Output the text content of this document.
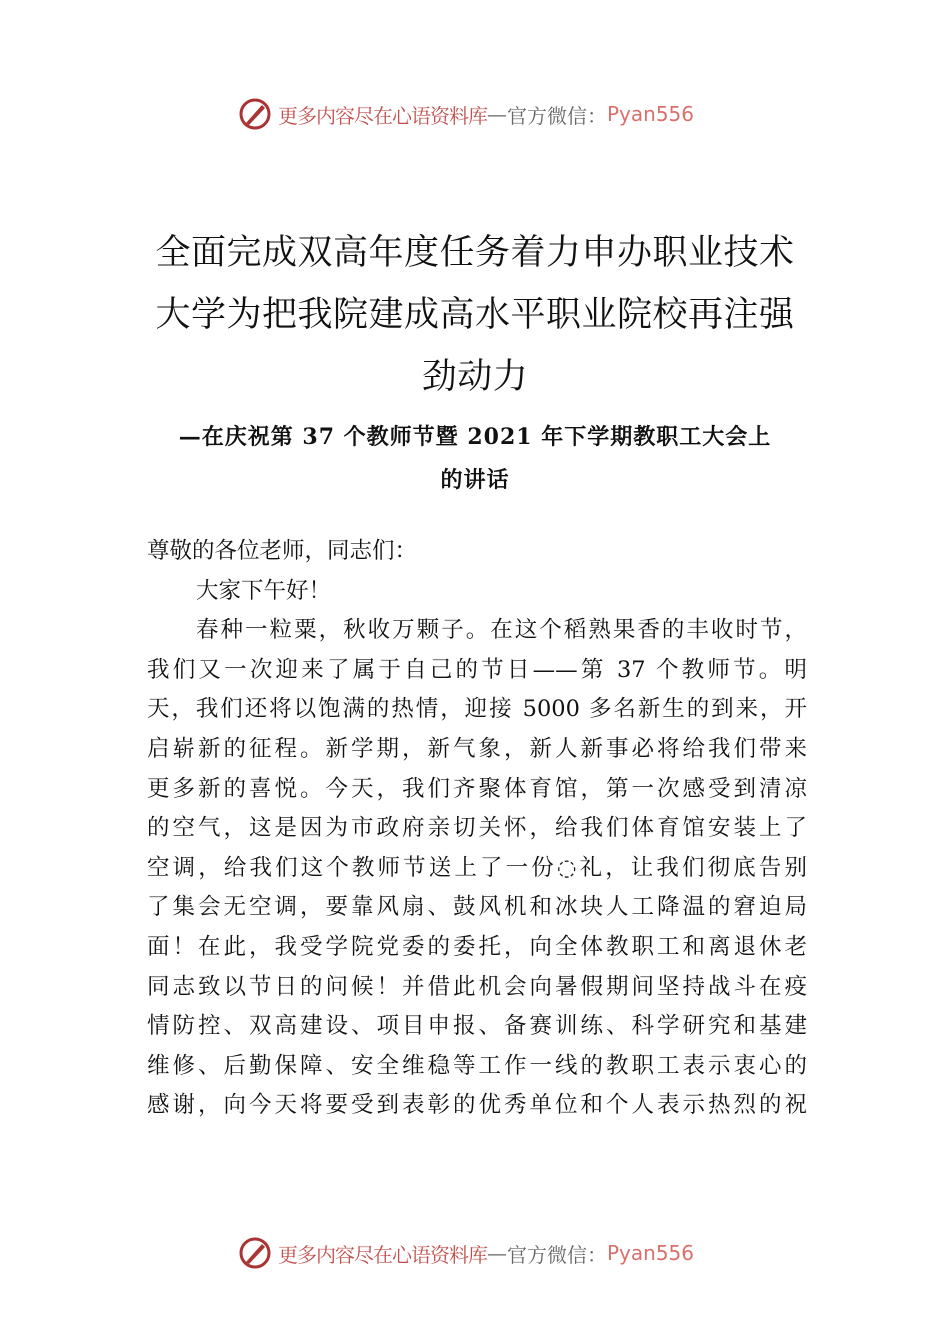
更多内容尽在心语资料库 — 官方微信： Pyan556
全面完成双高年度任务着力申办职业技术
大学为把我院建成高水平职业院校再注强
劲动力
—在庆祝第 37 个教师节暨 2021 年下学期教职工大会上
的讲话
尊敬的各位老师，同志们：
大家下午好！
春种一粒粟，秋收万颗子。在这个稻熟果香的丰收时节，
我们又一次迎来了属于自己的节日——第 37 个教师节。明
天，我们还将以饱满的热情，迎接 5000 多名新生的到来，开
启崭新的征程。新学期，新气象，新人新事必将给我们带来
更多新的喜悦。今天，我们齐聚体育馆，第一次感受到清凉
的空气，这是因为市政府亲切关怀，给我们体育馆安装上了
空调，给我们这个教师节送上了一份◌礼，让我们彻底告别
了集会无空调，要靠风扇、鼓风机和冰块人工降温的窘迫局
面！在此，我受学院党委的委托，向全体教职工和离退休老
同志致以节日的问候！并借此机会向暑假期间坚持战斗在疫
情防控、双高建设、项目申报、备赛训练、科学研究和基建
维修、后勤保障、安全维稳等工作一线的教职工表示衷心的
感谢，向今天将要受到表彰的优秀单位和个人表示热烈的祝
更多内容尽在心语资料库 — 官方微信： Pyan556
